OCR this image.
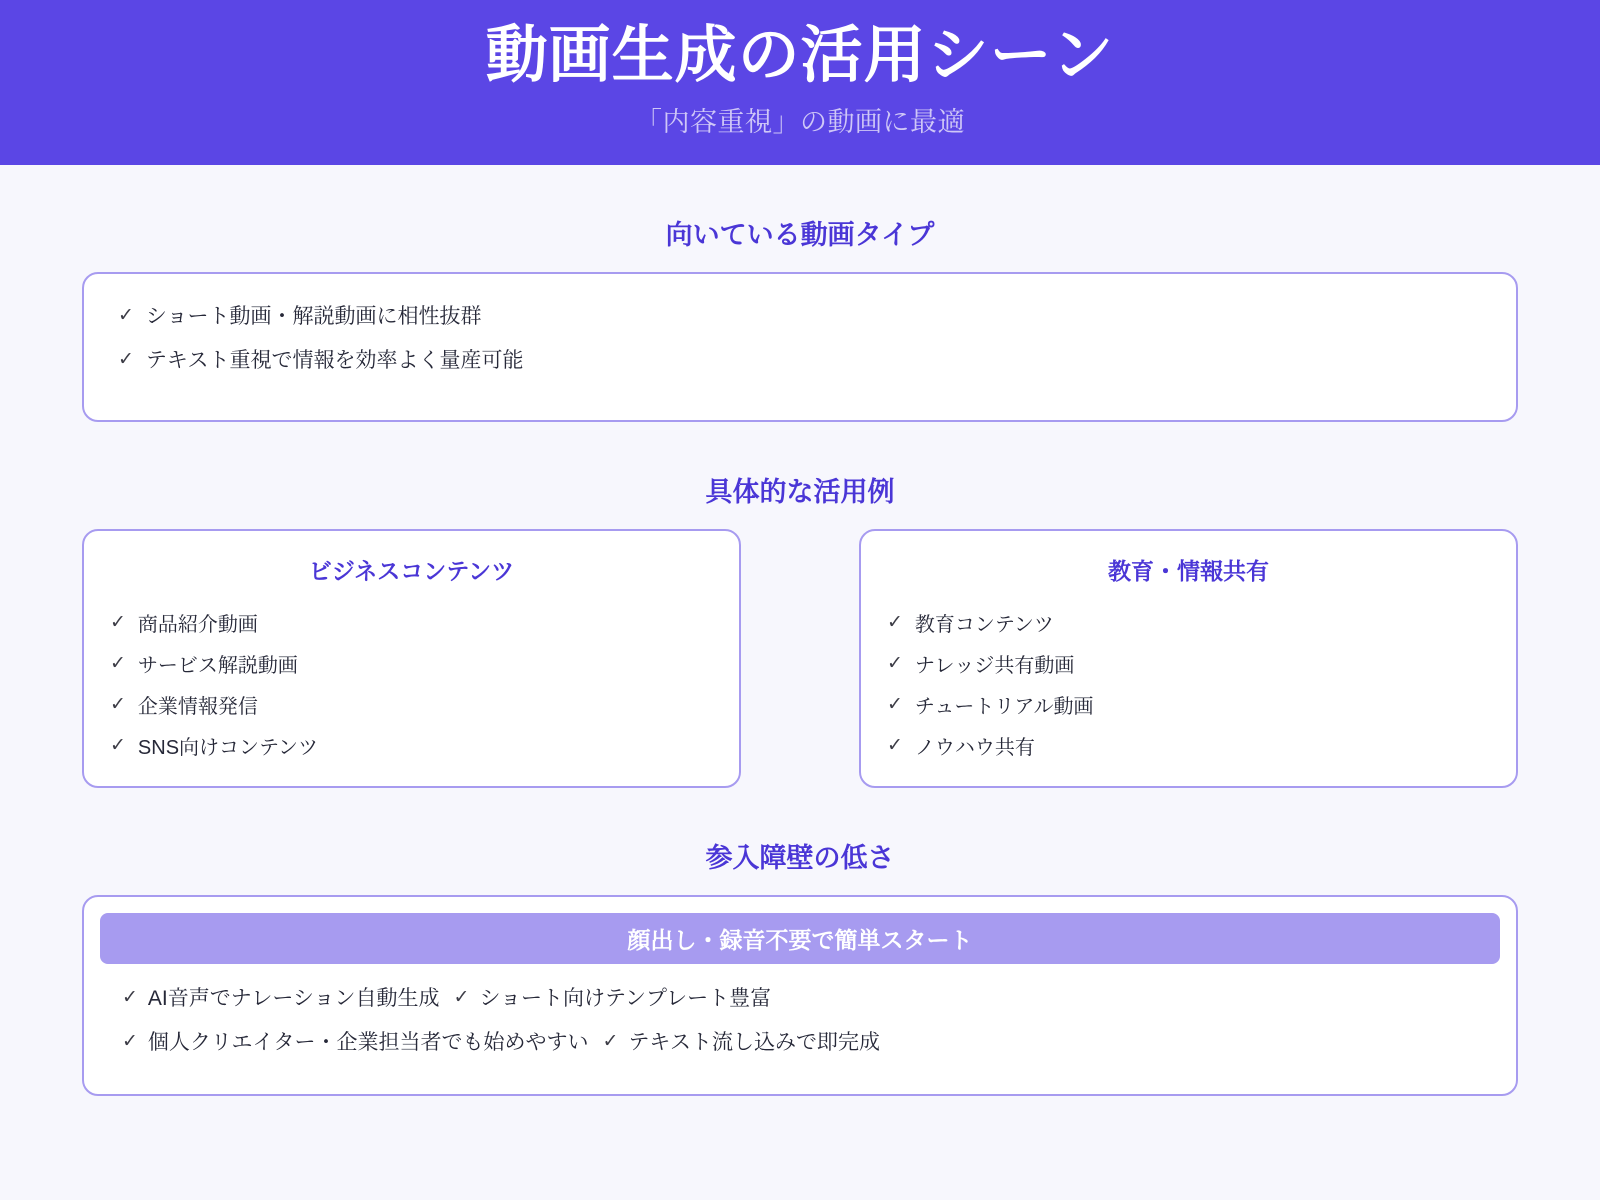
動画生成の活用シーン
「内容重視」の動画に最適
向いている動画タイプ
✓ ショート動画・解説動画に相性抜群
✓ テキスト重視で情報を効率よく量産可能
具体的な活用例
ビジネスコンテンツ
✓ 商品紹介動画
✓ サービス解説動画
✓ 企業情報発信
✓ SNS向けコンテンツ
教育・情報共有
✓ 教育コンテンツ
✓ ナレッジ共有動画
✓ チュートリアル動画
✓ ノウハウ共有
参入障壁の低さ
顔出し・録音不要で簡単スタート
✓ AI音声でナレーション自動生成 ✓ ショート向けテンプレート豊富
✓ 個人クリエイター・企業担当者でも始めやすい ✓ テキスト流し込みで即完成
